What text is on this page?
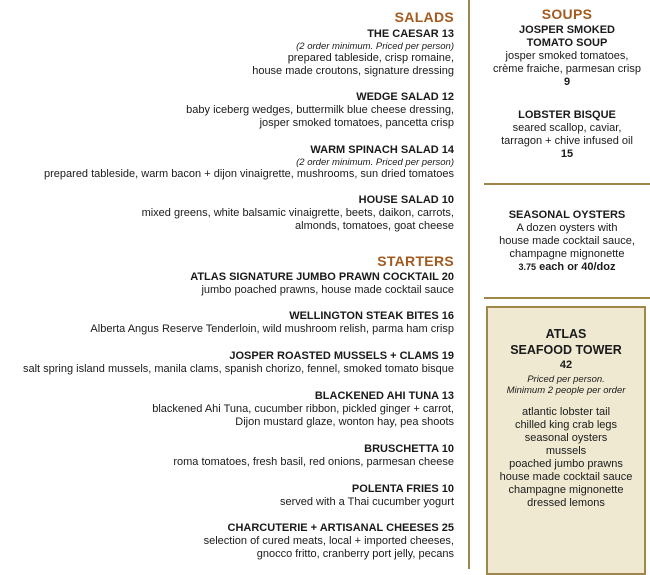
SALADS
THE CAESAR 13
(2 order minimum. Priced per person)
prepared tableside, crisp romaine,
house made croutons, signature dressing
WEDGE SALAD 12
baby iceberg wedges, buttermilk blue cheese dressing,
josper smoked tomatoes, pancetta crisp
WARM SPINACH SALAD 14
(2 order minimum. Priced per person)
prepared tableside, warm bacon + dijon vinaigrette, mushrooms, sun dried tomatoes
HOUSE SALAD 10
mixed greens, white balsamic vinaigrette, beets, daikon, carrots,
almonds, tomatoes, goat cheese
STARTERS
ATLAS SIGNATURE JUMBO PRAWN COCKTAIL 20
jumbo poached prawns, house made cocktail sauce
WELLINGTON STEAK BITES 16
Alberta Angus Reserve Tenderloin, wild mushroom relish, parma ham crisp
JOSPER ROASTED MUSSELS + CLAMS 19
salt spring island mussels, manila clams, spanish chorizo, fennel, smoked tomato bisque
BLACKENED AHI TUNA 13
blackened Ahi Tuna, cucumber ribbon, pickled ginger + carrot,
Dijon mustard glaze, wonton hay, pea shoots
BRUSCHETTA 10
roma tomatoes, fresh basil, red onions, parmesan cheese
POLENTA FRIES 10
served with a Thai cucumber yogurt
CHARCUTERIE + ARTISANAL CHEESES 25
selection of cured meats, local + imported cheeses,
gnocco fritto, cranberry port jelly, pecans
SOUPS
JOSPER SMOKED
TOMATO SOUP
josper smoked tomatoes,
crème fraiche, parmesan crisp
9
LOBSTER BISQUE
seared scallop, caviar,
tarragon + chive infused oil
15
SEASONAL OYSTERS
A dozen oysters with
house made cocktail sauce,
champagne mignonette
3.75 each or 40/doz
ATLAS
SEAFOOD TOWER
42
Priced per person.
Minimum 2 people per order
atlantic lobster tail
chilled king crab legs
seasonal oysters
mussels
poached jumbo prawns
house made cocktail sauce
champagne mignonette
dressed lemons
